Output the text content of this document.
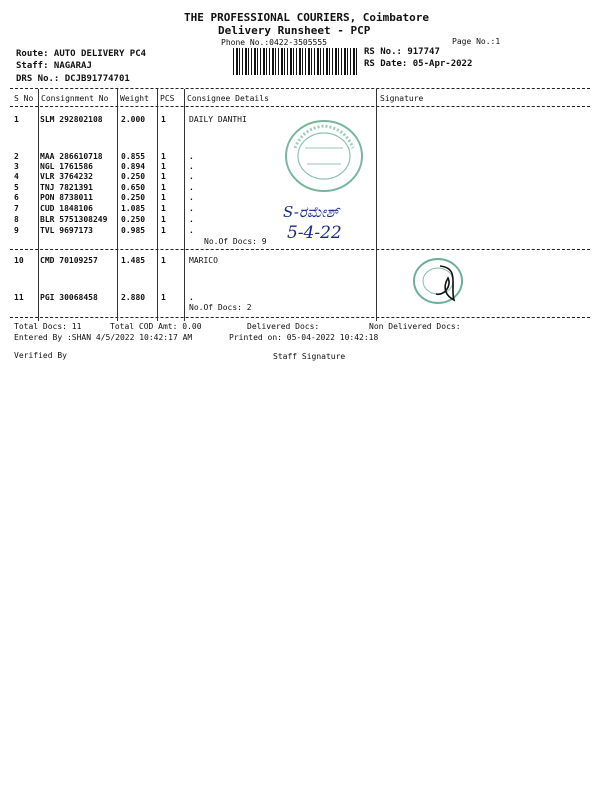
THE PROFESSIONAL COURIERS, Coimbatore
Delivery Runsheet - PCP
Phone No.:0422-3505555	Page No.:1
Route: AUTO DELIVERY PC4
Staff: NAGARAJ
DRS No.: DCJB91774701
RS No.: 917747
RS Date: 05-Apr-2022
S No Consignment No Weight PCS Consignee Details	Signature
1	SLM 292802108 2.000 1	DAILY DANTHI
2	MAA 286610718 0.855 1	.
3	NGL 1761586	0.894 1	.
4	VLR 3764232	0.250 1	.
5	TNJ 7821391	0.650 1	.
6	PON 8738011	0.250 1	.
7	CUD 1848106	1.085 1	.
8	BLR 5751308249 0.250 1	.
9	TVL 9697173	0.985 1	.
No.Of Docs: 9
10 CMD 70109257	1.485 1	MARICO
11 PGI 30068458	2.880 1	.
No.Of Docs: 2
Total Docs: 11	Total COD Amt: 0.00	Delivered Docs:	Non Delivered Docs:
Entered By :SHAN 4/5/2022 10:42:17 AM	Printed on: 05-04-2022 10:42:18
Verified By	Staff Signature
S-ರಮೇಶ್
5-4-22
